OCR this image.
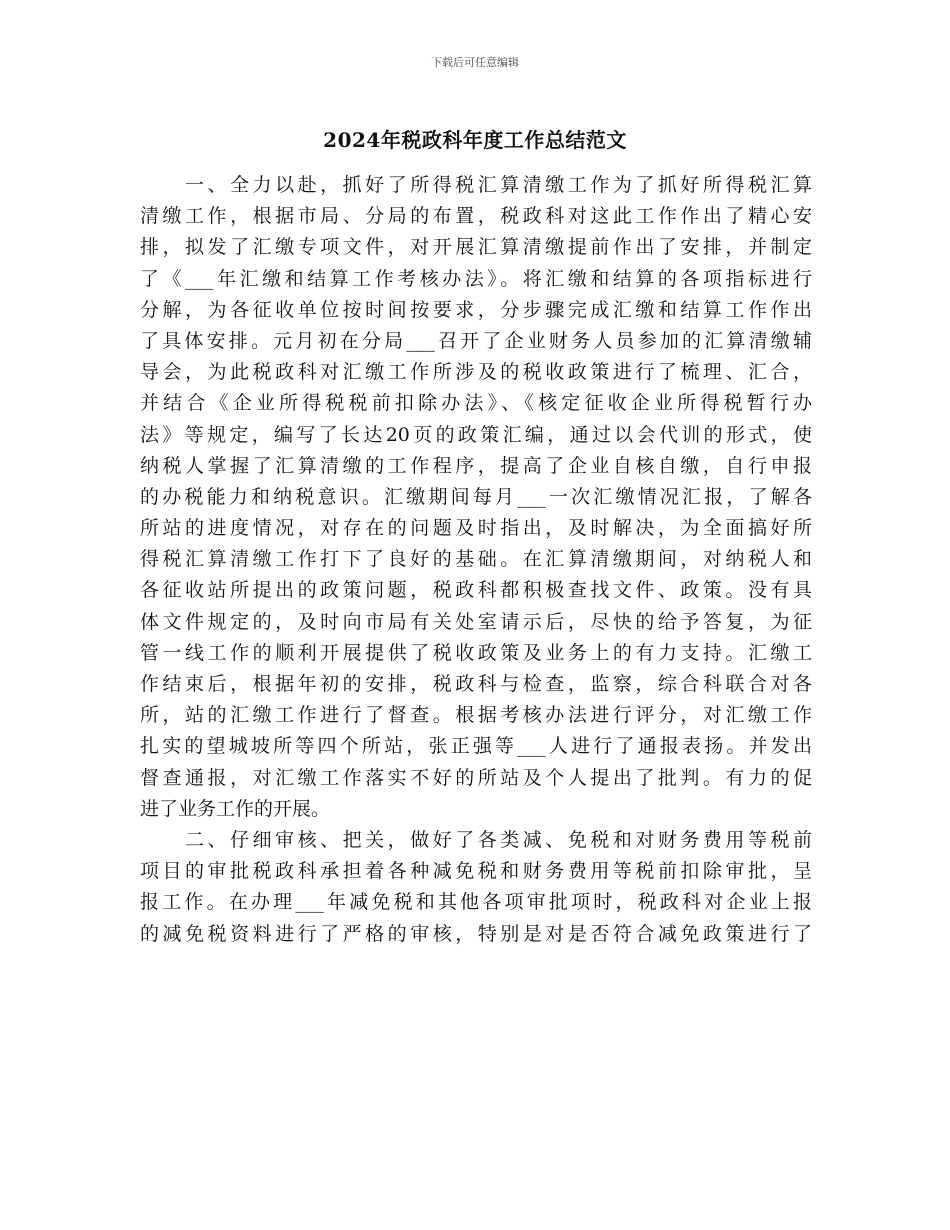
下载后可任意编辑
2024年税政科年度工作总结范文
　　一、全力以赴，抓好了所得税汇算清缴工作为了抓好所得税汇算
清缴工作，根据市局、分局的布置，税政科对这此工作作出了精心安
排，拟发了汇缴专项文件，对开展汇算清缴提前作出了安排，并制定
了《___年汇缴和结算工作考核办法》。将汇缴和结算的各项指标进行
分解，为各征收单位按时间按要求，分步骤完成汇缴和结算工作作出
了具体安排。元月初在分局___召开了企业财务人员参加的汇算清缴辅
导会，为此税政科对汇缴工作所涉及的税收政策进行了梳理、汇合，
并结合《企业所得税税前扣除办法》、《核定征收企业所得税暂行办
法》等规定，编写了长达20页的政策汇编，通过以会代训的形式，使
纳税人掌握了汇算清缴的工作程序，提高了企业自核自缴，自行申报
的办税能力和纳税意识。汇缴期间每月___一次汇缴情况汇报，了解各
所站的进度情况，对存在的问题及时指出，及时解决，为全面搞好所
得税汇算清缴工作打下了良好的基础。在汇算清缴期间，对纳税人和
各征收站所提出的政策问题，税政科都积极查找文件、政策。没有具
体文件规定的，及时向市局有关处室请示后，尽快的给予答复，为征
管一线工作的顺利开展提供了税收政策及业务上的有力支持。汇缴工
作结束后，根据年初的安排，税政科与检查，监察，综合科联合对各
所，站的汇缴工作进行了督查。根据考核办法进行评分，对汇缴工作
扎实的望城坡所等四个所站，张正强等___人进行了通报表扬。并发出
督查通报，对汇缴工作落实不好的所站及个人提出了批判。有力的促
进了业务工作的开展。
　　二、仔细审核、把关，做好了各类减、免税和对财务费用等税前
项目的审批税政科承担着各种减免税和财务费用等税前扣除审批，呈
报工作。在办理___年减免税和其他各项审批项时，税政科对企业上报
的减免税资料进行了严格的审核，特别是对是否符合减免政策进行了
